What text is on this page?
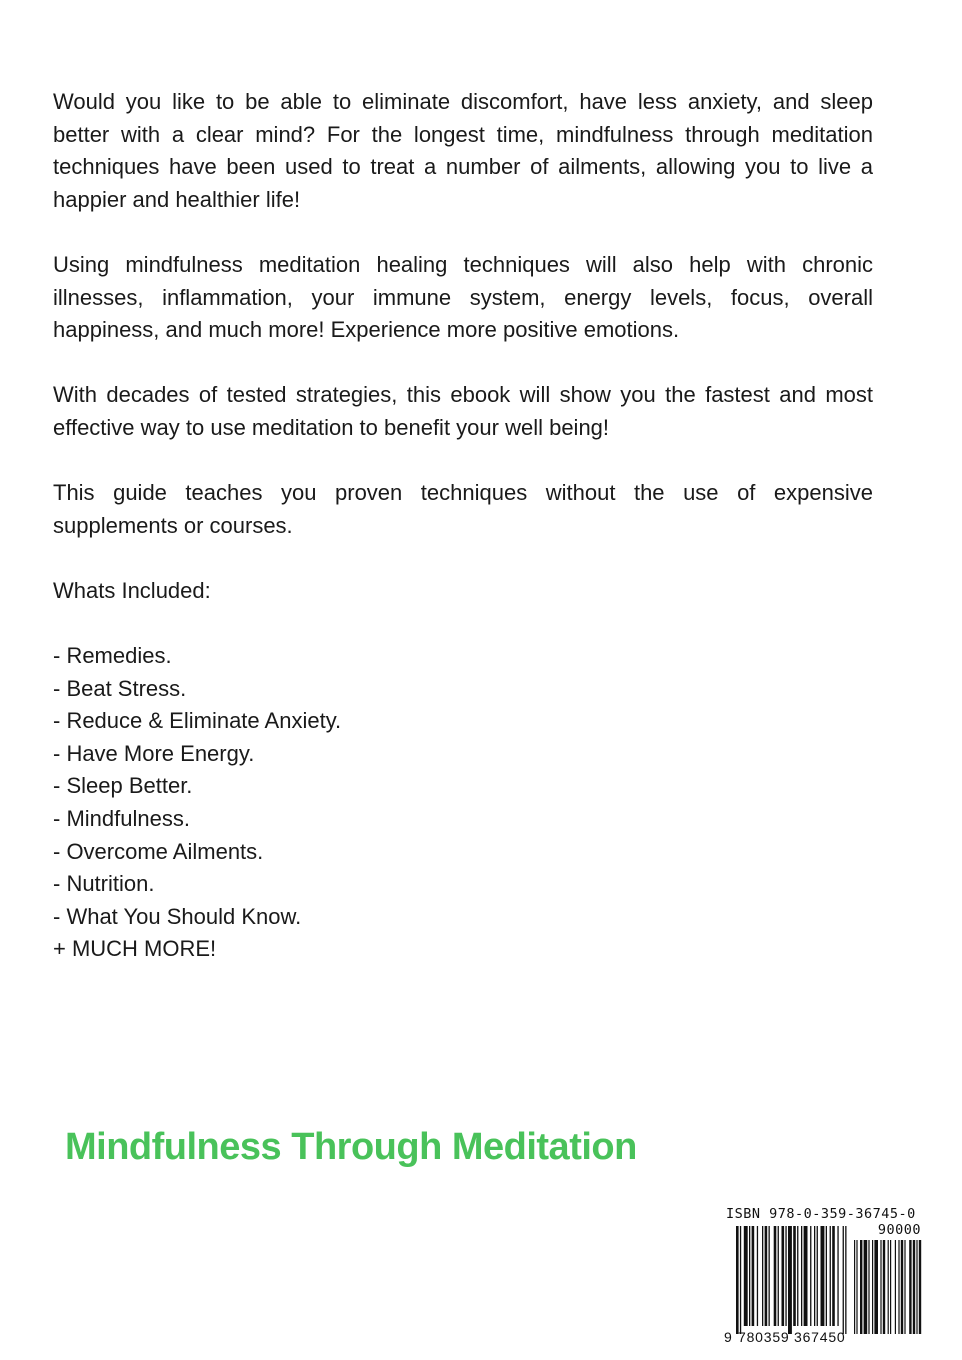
Would you like to be able to eliminate discomfort, have less anxiety, and sleep better with a clear mind? For the longest time, mindfulness through meditation techniques have been used to treat a number of ailments, allowing you to live a happier and healthier life!

Using mindfulness meditation healing techniques will also help with chronic illnesses, inflammation, your immune system, energy levels, focus, overall happiness, and much more! Experience more positive emotions.

With decades of tested strategies, this ebook will show you the fastest and most effective way to use meditation to benefit your well being!

This guide teaches you proven techniques without the use of expensive supplements or courses.

Whats Included:

- Remedies.
- Beat Stress.
- Reduce & Eliminate Anxiety.
- Have More Energy.
- Sleep Better.
- Mindfulness.
- Overcome Ailments.
- Nutrition.
- What You Should Know.
+ MUCH MORE!
Mindfulness Through Meditation
ISBN 978-0-359-36745-0
90000
9 780359 367450
